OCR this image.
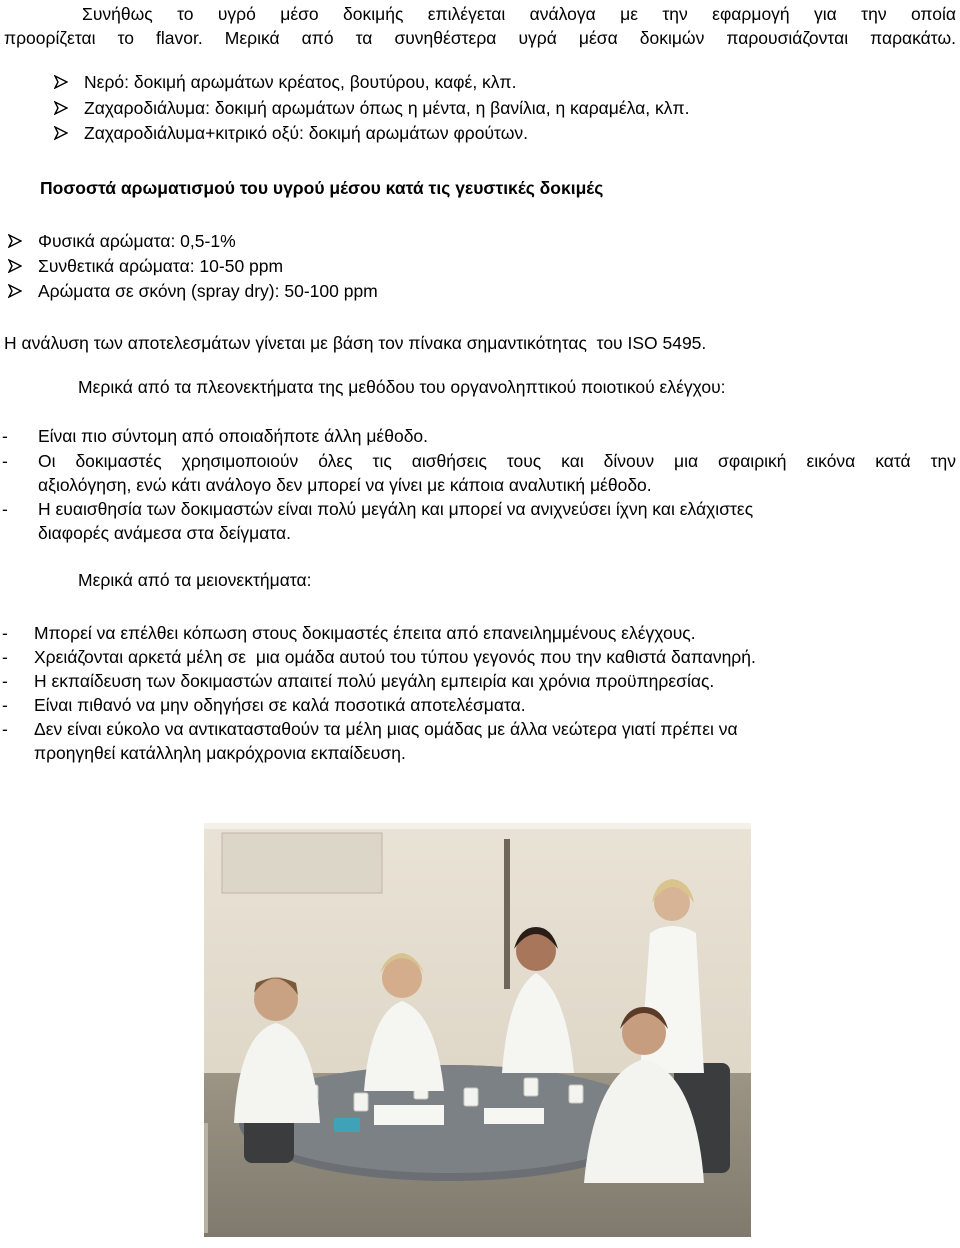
Συνήθως το υγρό μέσο δοκιμής επιλέγεται ανάλογα με την εφαρμογή για την οποία
προορίζεται το flavor. Μερικά από τα συνηθέστερα υγρά μέσα δοκιμών παρουσιάζονται παρακάτω.
Νερό: δοκιμή αρωμάτων κρέατος, βουτύρου, καφέ, κλπ.
Ζαχαροδιάλυμα: δοκιμή αρωμάτων όπως η μέντα, η βανίλια, η καραμέλα, κλπ.
Ζαχαροδιάλυμα+κιτρικό οξύ: δοκιμή αρωμάτων φρούτων.
Ποσοστά αρωματισμού του υγρού μέσου κατά τις γευστικές δοκιμές
Φυσικά αρώματα: 0,5-1%
Συνθετικά αρώματα: 10-50 ppm
Αρώματα σε σκόνη (spray dry): 50-100 ppm
Η ανάλυση των αποτελεσμάτων γίνεται με βάση τον πίνακα σημαντικότητας  του ISO 5495.
Μερικά από τα πλεονεκτήματα της μεθόδου του οργανοληπτικού ποιοτικού ελέγχου:
- Είναι πιο σύντομη από οποιαδήποτε άλλη μέθοδο.
- Οι δοκιμαστές χρησιμοποιούν όλες τις αισθήσεις τους και δίνουν μια σφαιρική εικόνα κατά την
αξιολόγηση, ενώ κάτι ανάλογο δεν μπορεί να γίνει με κάποια αναλυτική μέθοδο.
- Η ευαισθησία των δοκιμαστών είναι πολύ μεγάλη και μπορεί να ανιχνεύσει ίχνη και ελάχιστες
διαφορές ανάμεσα στα δείγματα.
Μερικά από τα μειονεκτήματα:
- Μπορεί να επέλθει κόπωση στους δοκιμαστές έπειτα από επανειλημμένους ελέγχους.
- Χρειάζονται αρκετά μέλη σε  μια ομάδα αυτού του τύπου γεγονός που την καθιστά δαπανηρή.
- Η εκπαίδευση των δοκιμαστών απαιτεί πολύ μεγάλη εμπειρία και χρόνια προϋπηρεσίας.
- Είναι πιθανό να μην οδηγήσει σε καλά ποσοτικά αποτελέσματα.
- Δεν είναι εύκολο να αντικατασταθούν τα μέλη μιας ομάδας με άλλα νεώτερα γιατί πρέπει να
προηγηθεί κατάλληλη μακρόχρονια εκπαίδευση.
